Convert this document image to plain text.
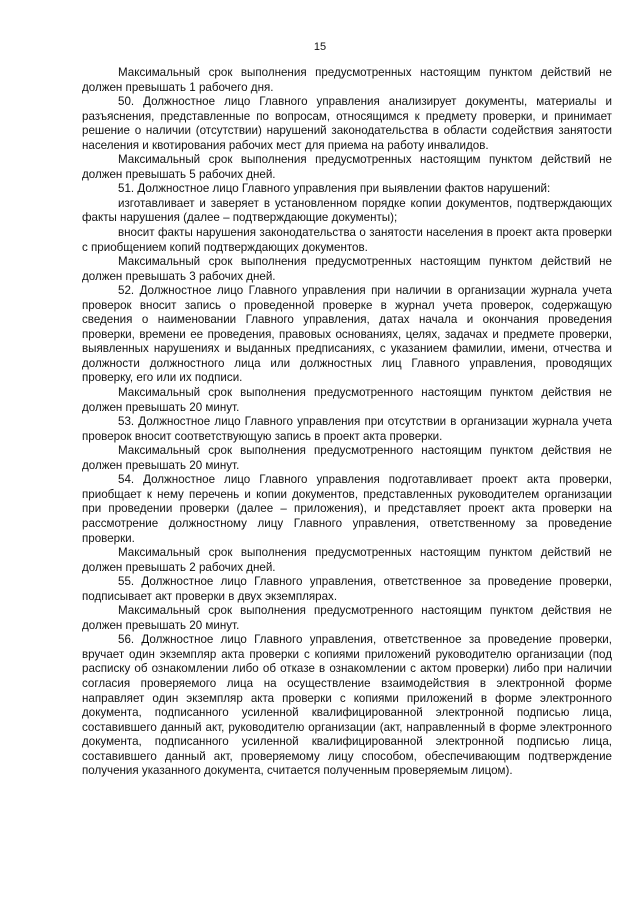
15

Максимальный срок выполнения предусмотренных настоящим пунктом действий не должен превышать 1 рабочего дня.

50. Должностное лицо Главного управления анализирует документы, материалы и разъяснения, представленные по вопросам, относящимся к предмету проверки, и принимает решение о наличии (отсутствии) нарушений законодательства в области содействия занятости населения и квотирования рабочих мест для приема на работу инвалидов.

Максимальный срок выполнения предусмотренных настоящим пунктом действий не должен превышать 5 рабочих дней.

51. Должностное лицо Главного управления при выявлении фактов нарушений:

изготавливает и заверяет в установленном порядке копии документов, подтверждающих факты нарушения (далее – подтверждающие документы);

вносит факты нарушения законодательства о занятости населения в проект акта проверки с приобщением копий подтверждающих документов.

Максимальный срок выполнения предусмотренных настоящим пунктом действий не должен превышать 3 рабочих дней.

52. Должностное лицо Главного управления при наличии в организации журнала учета проверок вносит запись о проведенной проверке в журнал учета проверок, содержащую сведения о наименовании Главного управления, датах начала и окончания проведения проверки, времени ее проведения, правовых основаниях, целях, задачах и предмете проверки, выявленных нарушениях и выданных предписаниях, с указанием фамилии, имени, отчества и должности должностного лица или должностных лиц Главного управления, проводящих проверку, его или их подписи.

Максимальный срок выполнения предусмотренного настоящим пунктом действия не должен превышать 20 минут.

53. Должностное лицо Главного управления при отсутствии в организации журнала учета проверок вносит соответствующую запись в проект акта проверки.

Максимальный срок выполнения предусмотренного настоящим пунктом действия не должен превышать 20 минут.

54. Должностное лицо Главного управления подготавливает проект акта проверки, приобщает к нему перечень и копии документов, представленных руководителем организации при проведении проверки (далее – приложения), и представляет проект акта проверки на рассмотрение должностному лицу Главного управления, ответственному за проведение проверки.

Максимальный срок выполнения предусмотренных настоящим пунктом действий не должен превышать 2 рабочих дней.

55. Должностное лицо Главного управления, ответственное за проведение проверки, подписывает акт проверки в двух экземплярах.

Максимальный срок выполнения предусмотренного настоящим пунктом действия не должен превышать 20 минут.

56. Должностное лицо Главного управления, ответственное за проведение проверки, вручает один экземпляр акта проверки с копиями приложений руководителю организации (под расписку об ознакомлении либо об отказе в ознакомлении с актом проверки) либо при наличии согласия проверяемого лица на осуществление взаимодействия в электронной форме направляет один экземпляр акта проверки с копиями приложений в форме электронного документа, подписанного усиленной квалифицированной электронной подписью лица, составившего данный акт, руководителю организации (акт, направленный в форме электронного документа, подписанного усиленной квалифицированной электронной подписью лица, составившего данный акт, проверяемому лицу способом, обеспечивающим подтверждение получения указанного документа, считается полученным проверяемым лицом).
